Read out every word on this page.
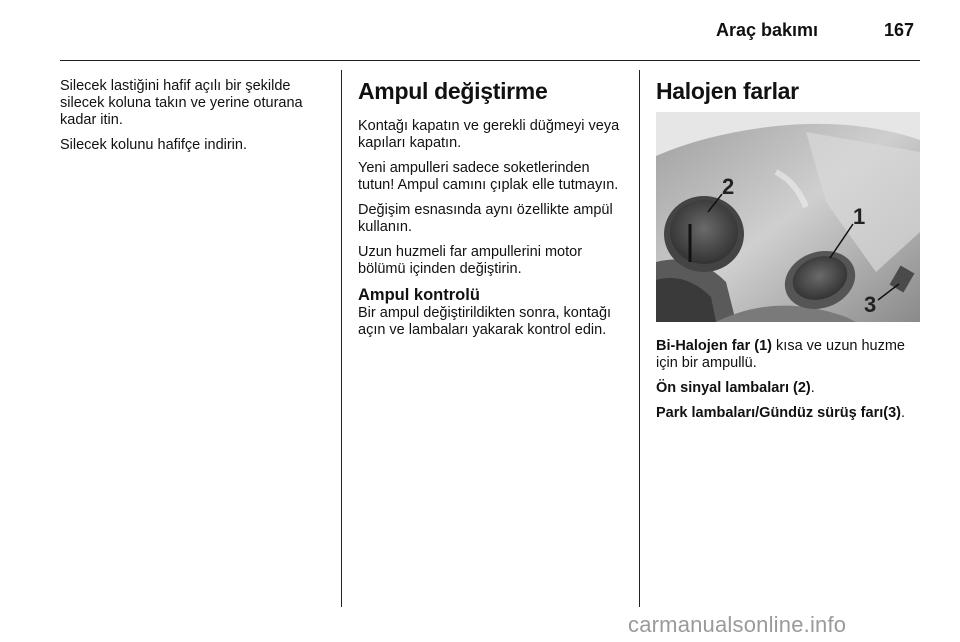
Araç bakımı	167

Silecek lastiğini hafif açılı bir şekilde silecek koluna takın ve yerine oturana kadar itin.

Silecek kolunu hafifçe indirin.

Ampul değiştirme

Kontağı kapatın ve gerekli düğmeyi veya kapıları kapatın.

Yeni ampulleri sadece soketlerinden tutun! Ampul camını çıplak elle tutmayın.

Değişim esnasında aynı özellikte ampül kullanın.

Uzun huzmeli far ampullerini motor bölümü içinden değiştirin.

Ampul kontrolü

Bir ampul değiştirildikten sonra, kontağı açın ve lambaları yakarak kontrol edin.

Halojen farlar
2
1
3

Bi-Halojen far (1) kısa ve uzun huzme için bir ampullü.

Ön sinyal lambaları (2).

Park lambaları/Gündüz sürüş farı(3).

carmanualsonline.info
